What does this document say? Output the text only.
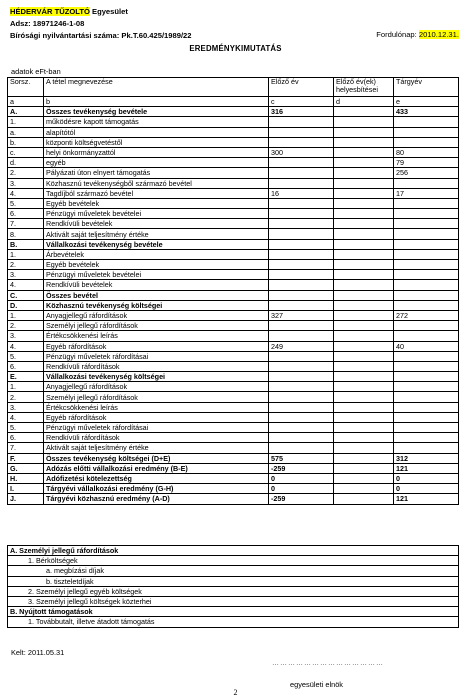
HÉDERVÁR TŰZOLTÓ Egyesület
Adsz: 18971246-1-08
Bírósági nyilvántartási száma: Pk.T.60.425/1989/22	Fordulónap: 2010.12.31.
EREDMÉNYKIMUTATÁS
adatok eFt-ban
Sorsz.	A tétel megnevezése	Előző év	Előző év(ek) helyesbítései	Tárgyév
a	b	c	d	e
A.	Összes tevékenység bevétele	316		433
1.	működésre kapott támogatás			
a.	alapítótól			
b.	központi költségvetéstől			
c.	helyi önkormányzattól	300		80
d.	egyéb			79
2.	Pályázati úton elnyert támogatás			256
3.	Közhasznú tevékenységből származó bevétel			
4.	Tagdíjból származó bevétel	16		17
5.	Egyéb bevételek			
6.	Pénzügyi műveletek bevételei			
7.	Rendkívüli bevételek			
8.	Aktivált saját teljesítmény értéke			
B.	Vállalkozási tevékenység bevétele			
1.	Árbevételek			
2.	Egyéb bevételek			
3.	Pénzügyi műveletek bevételei			
4.	Rendkívüli bevételek			
C.	Összes bevétel			
D.	Közhasznú tevékenység költségei			
1.	Anyagjellegű ráfordítások	327		272
2.	Személyi jellegű ráfordítások			
3.	Értékcsökkenési leírás			
4.	Egyéb ráfordítások	249		40
5.	Pénzügyi műveletek ráfordításai			
6.	Rendkívüli ráfordítások			
E.	Vállalkozási tevékenység költségei			
1.	Anyagjellegű ráfordítások			
2.	Személyi jellegű ráfordítások			
3.	Értékcsökkenési leírás			
4.	Egyéb ráfordítások			
5.	Pénzügyi műveletek ráfordításai			
6.	Rendkívüli ráfordítások			
7.	Aktivált saját teljesítmény értéke			
F.	Összes tevékenység költségei (D+E)	575		312
G.	Adózás előtti vállalkozási eredmény (B-E)	-259		121
H.	Adófizetési kötelezettség	0		0
I.	Tárgyévi vállalkozási eredmény (G-H)	0		0
J.	Tárgyévi közhasznú eredmény (A-D)	-259		121
A. Személyi jellegű ráfordítások
1. Bérköltségek
a. megbízási díjak
b. tiszteletdíjak
2. Személyi jellegű egyéb költségek
3. Személyi jellegű költségek közterhei
B. Nyújtott támogatások
1. Továbbutalt, illetve átadott támogatás
Kelt: 2011.05.31
……………………………………
egyesületi elnök
2
